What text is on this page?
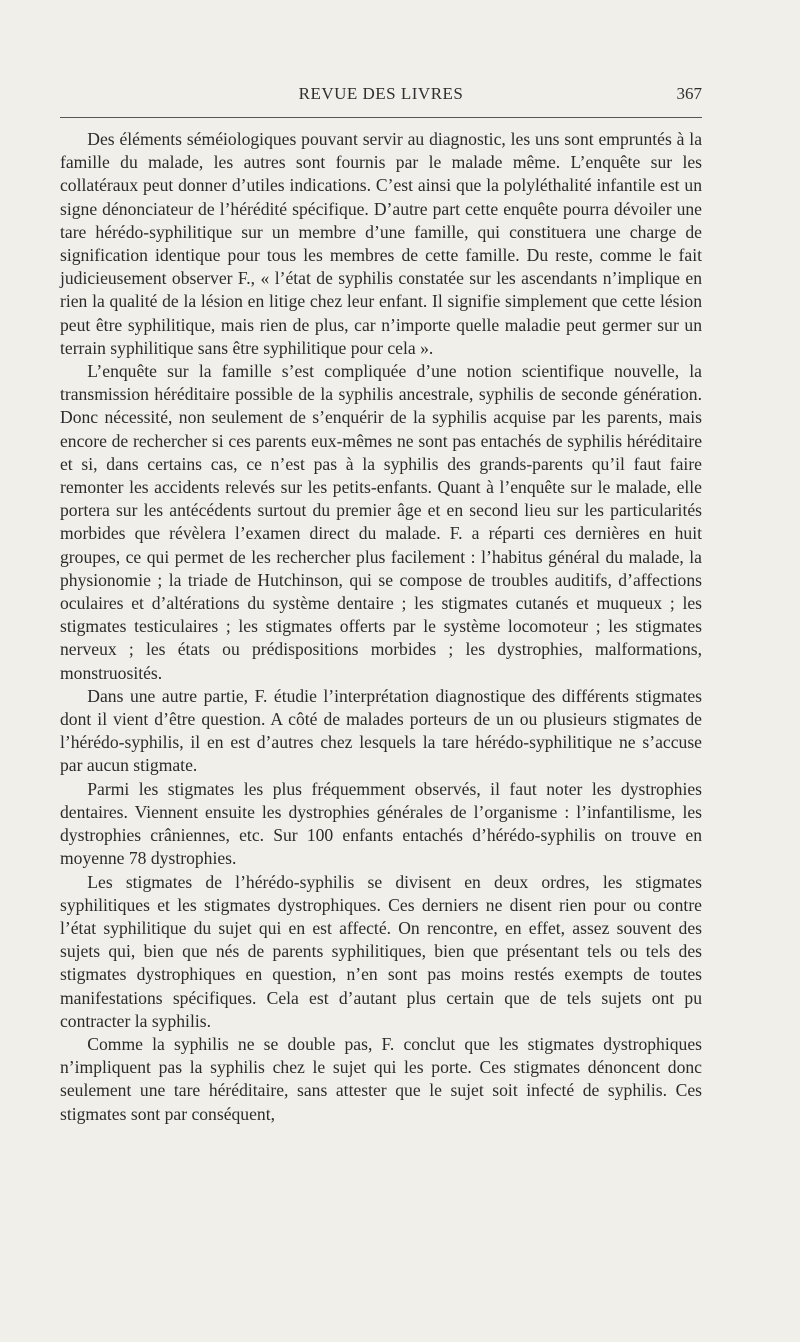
REVUE DES LIVRES	367

Des éléments séméiologiques pouvant servir au diagnostic, les uns sont empruntés à la famille du malade, les autres sont fournis par le malade même. L’enquête sur les collatéraux peut donner d’utiles indications. C’est ainsi que la polyléthalité infantile est un signe dénonciateur de l’hérédité spécifique. D’autre part cette enquête pourra dévoiler une tare hérédo-syphilitique sur un membre d’une famille, qui constituera une charge de signification identique pour tous les membres de cette famille. Du reste, comme le fait judicieusement observer F., « l’état de syphilis constatée sur les ascendants n’implique en rien la qualité de la lésion en litige chez leur enfant. Il signifie simplement que cette lésion peut être syphilitique, mais rien de plus, car n’importe quelle maladie peut germer sur un terrain syphilitique sans être syphilitique pour cela ».

L’enquête sur la famille s’est compliquée d’une notion scientifique nouvelle, la transmission héréditaire possible de la syphilis ancestrale, syphilis de seconde génération. Donc nécessité, non seulement de s’enquérir de la syphilis acquise par les parents, mais encore de rechercher si ces parents eux-mêmes ne sont pas entachés de syphilis héréditaire et si, dans certains cas, ce n’est pas à la syphilis des grands-parents qu’il faut faire remonter les accidents relevés sur les petits-enfants. Quant à l’enquête sur le malade, elle portera sur les antécédents surtout du premier âge et en second lieu sur les particularités morbides que révèlera l’examen direct du malade. F. a réparti ces dernières en huit groupes, ce qui permet de les rechercher plus facilement : l’habitus général du malade, la physionomie ; la triade de Hutchinson, qui se compose de troubles auditifs, d’affections oculaires et d’altérations du système dentaire ; les stigmates cutanés et muqueux ; les stigmates testiculaires ; les stigmates offerts par le système locomoteur ; les stigmates nerveux ; les états ou prédispositions morbides ; les dystrophies, malformations, monstruosités.

Dans une autre partie, F. étudie l’interprétation diagnostique des différents stigmates dont il vient d’être question. A côté de malades porteurs de un ou plusieurs stigmates de l’hérédo-syphilis, il en est d’autres chez lesquels la tare hérédo-syphilitique ne s’accuse par aucun stigmate.

Parmi les stigmates les plus fréquemment observés, il faut noter les dystrophies dentaires. Viennent ensuite les dystrophies générales de l’organisme : l’infantilisme, les dystrophies crâniennes, etc. Sur 100 enfants entachés d’hérédo-syphilis on trouve en moyenne 78 dystrophies.

Les stigmates de l’hérédo-syphilis se divisent en deux ordres, les stigmates syphilitiques et les stigmates dystrophiques. Ces derniers ne disent rien pour ou contre l’état syphilitique du sujet qui en est affecté. On rencontre, en effet, assez souvent des sujets qui, bien que nés de parents syphilitiques, bien que présentant tels ou tels des stigmates dystrophiques en question, n’en sont pas moins restés exempts de toutes manifestations spécifiques. Cela est d’autant plus certain que de tels sujets ont pu contracter la syphilis.

Comme la syphilis ne se double pas, F. conclut que les stigmates dystrophiques n’impliquent pas la syphilis chez le sujet qui les porte. Ces stigmates dénoncent donc seulement une tare héréditaire, sans attester que le sujet soit infecté de syphilis. Ces stigmates sont par conséquent,
